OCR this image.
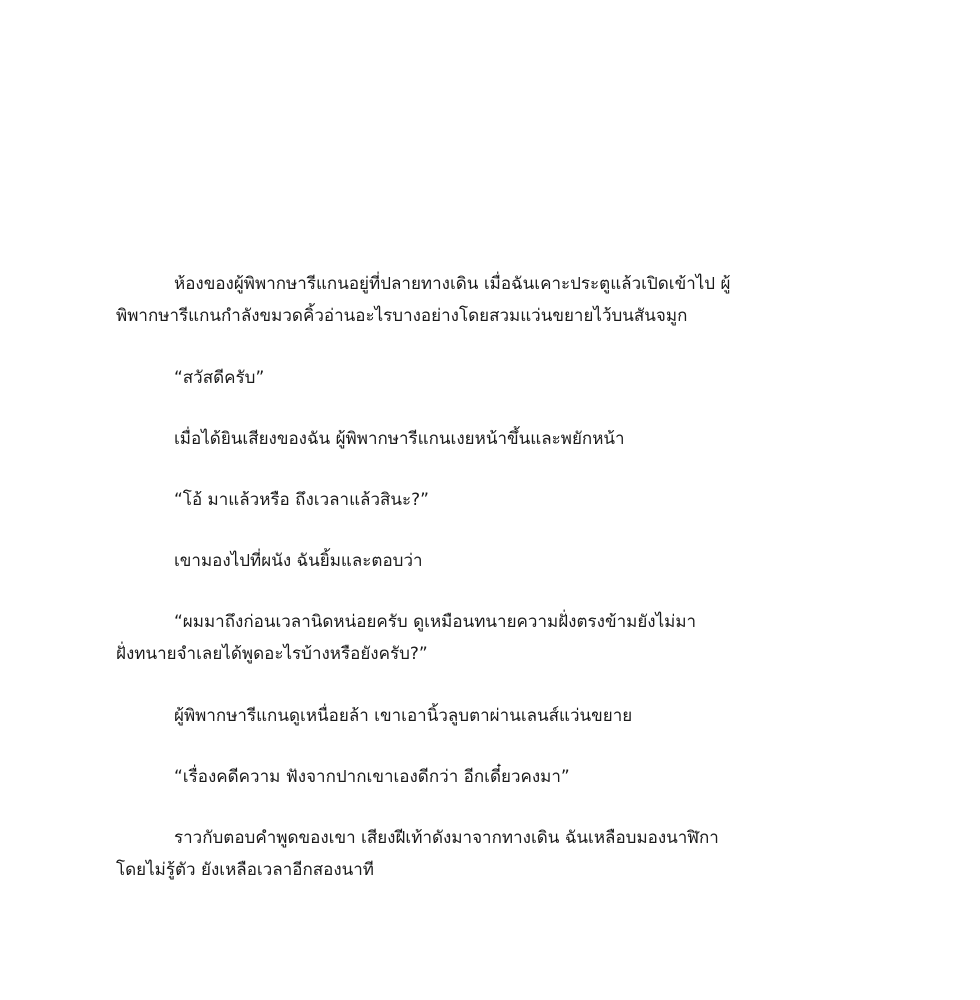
ห้องของผู้พิพากษารีแกนอยู่ที่ปลายทางเดิน เมื่อฉันเคาะประตูแล้วเปิดเข้าไป ผู้
พิพากษารีแกนกำลังขมวดคิ้วอ่านอะไรบางอย่างโดยสวมแว่นขยายไว้บนสันจมูก

“สวัสดีครับ”

เมื่อได้ยินเสียงของฉัน ผู้พิพากษารีแกนเงยหน้าขึ้นและพยักหน้า

“โอ้ มาแล้วหรือ ถึงเวลาแล้วสินะ?”

เขามองไปที่ผนัง ฉันยิ้มและตอบว่า

“ผมมาถึงก่อนเวลานิดหน่อยครับ ดูเหมือนทนายความฝั่งตรงข้ามยังไม่มา
ฝั่งทนายจำเลยได้พูดอะไรบ้างหรือยังครับ?”

ผู้พิพากษารีแกนดูเหนื่อยล้า เขาเอานิ้วลูบตาผ่านเลนส์แว่นขยาย

“เรื่องคดีความ ฟังจากปากเขาเองดีกว่า อีกเดี๋ยวคงมา”

ราวกับตอบคำพูดของเขา เสียงฝีเท้าดังมาจากทางเดิน ฉันเหลือบมองนาฬิกา
โดยไม่รู้ตัว ยังเหลือเวลาอีกสองนาที
